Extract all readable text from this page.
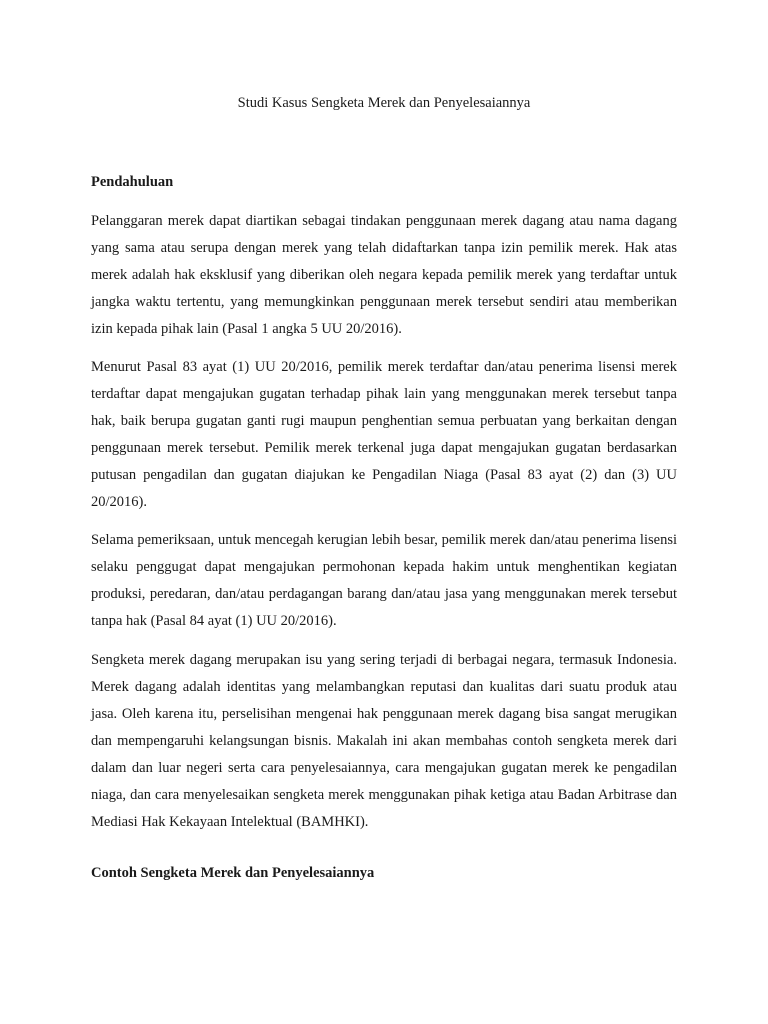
Studi Kasus Sengketa Merek dan Penyelesaiannya
Pendahuluan

Pelanggaran merek dapat diartikan sebagai tindakan penggunaan merek dagang atau nama dagang yang sama atau serupa dengan merek yang telah didaftarkan tanpa izin pemilik merek. Hak atas merek adalah hak eksklusif yang diberikan oleh negara kepada pemilik merek yang terdaftar untuk jangka waktu tertentu, yang memungkinkan penggunaan merek tersebut sendiri atau memberikan izin kepada pihak lain (Pasal 1 angka 5 UU 20/2016).

Menurut Pasal 83 ayat (1) UU 20/2016, pemilik merek terdaftar dan/atau penerima lisensi merek terdaftar dapat mengajukan gugatan terhadap pihak lain yang menggunakan merek tersebut tanpa hak, baik berupa gugatan ganti rugi maupun penghentian semua perbuatan yang berkaitan dengan penggunaan merek tersebut. Pemilik merek terkenal juga dapat mengajukan gugatan berdasarkan putusan pengadilan dan gugatan diajukan ke Pengadilan Niaga (Pasal 83 ayat (2) dan (3) UU 20/2016).

Selama pemeriksaan, untuk mencegah kerugian lebih besar, pemilik merek dan/atau penerima lisensi selaku penggugat dapat mengajukan permohonan kepada hakim untuk menghentikan kegiatan produksi, peredaran, dan/atau perdagangan barang dan/atau jasa yang menggunakan merek tersebut tanpa hak (Pasal 84 ayat (1) UU 20/2016).

Sengketa merek dagang merupakan isu yang sering terjadi di berbagai negara, termasuk Indonesia. Merek dagang adalah identitas yang melambangkan reputasi dan kualitas dari suatu produk atau jasa. Oleh karena itu, perselisihan mengenai hak penggunaan merek dagang bisa sangat merugikan dan mempengaruhi kelangsungan bisnis. Makalah ini akan membahas contoh sengketa merek dari dalam dan luar negeri serta cara penyelesaiannya, cara mengajukan gugatan merek ke pengadilan niaga, dan cara menyelesaikan sengketa merek menggunakan pihak ketiga atau Badan Arbitrase dan Mediasi Hak Kekayaan Intelektual (BAMHKI).

Contoh Sengketa Merek dan Penyelesaiannya
